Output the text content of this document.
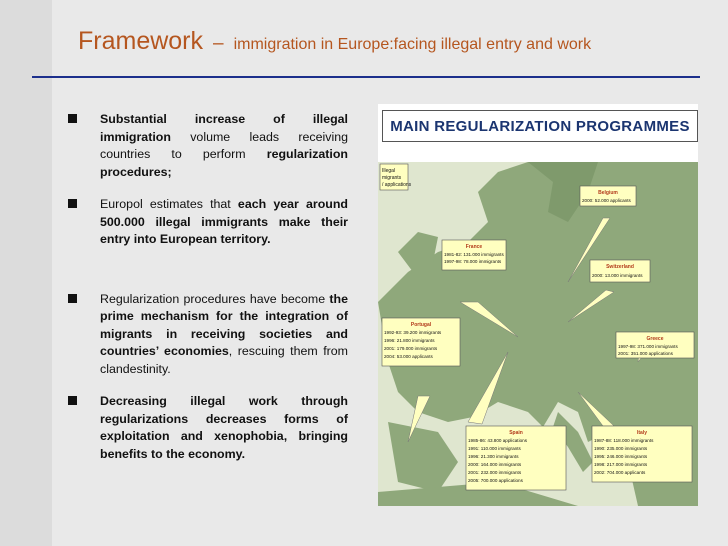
Framework – immigration in Europe:facing illegal entry and work
Substantial increase of illegal immigration volume leads receiving countries to perform regularization procedures;
Europol estimates that each year around 500.000 illegal immigrants make their entry into European territory.
Regularization procedures have become the prime mechanism for the integration of migrants in receiving societies and countries’ economies, rescuing them from clandestinity.
Decreasing illegal work through regularizations decreases forms of exploitation and xenophobia, bringing benefits to the economy.
MAIN REGULARIZATION PROGRAMMES
Illegal
migrants
/ applications
Belgium
2000: 52.000 applicants
France
1981-82: 131.000 immigrants
1997-98: 78.000 immigrants
Switzerland
2000: 13.000 immigrants
Greece
1997-98: 371.000 immigrants
2001: 351.000 applications
Portugal
1992-93: 39.200 immigrants
1996: 21.800 immigrants
2001: 179.000 immigrants
2004: 53.000 applicants
Spain
1985-86: 43.800 applications
1991: 110.000 immigrants
1996: 21.300 immigrants
2000: 164.000 immigrants
2001: 232.000 immigrants
2005: 700.000 applications
Italy
1987-88: 118.000 immigrants
1990: 235.000 immigrants
1995: 246.000 immigrants
1998: 217.000 immigrants
2002: 704.000 applicants
